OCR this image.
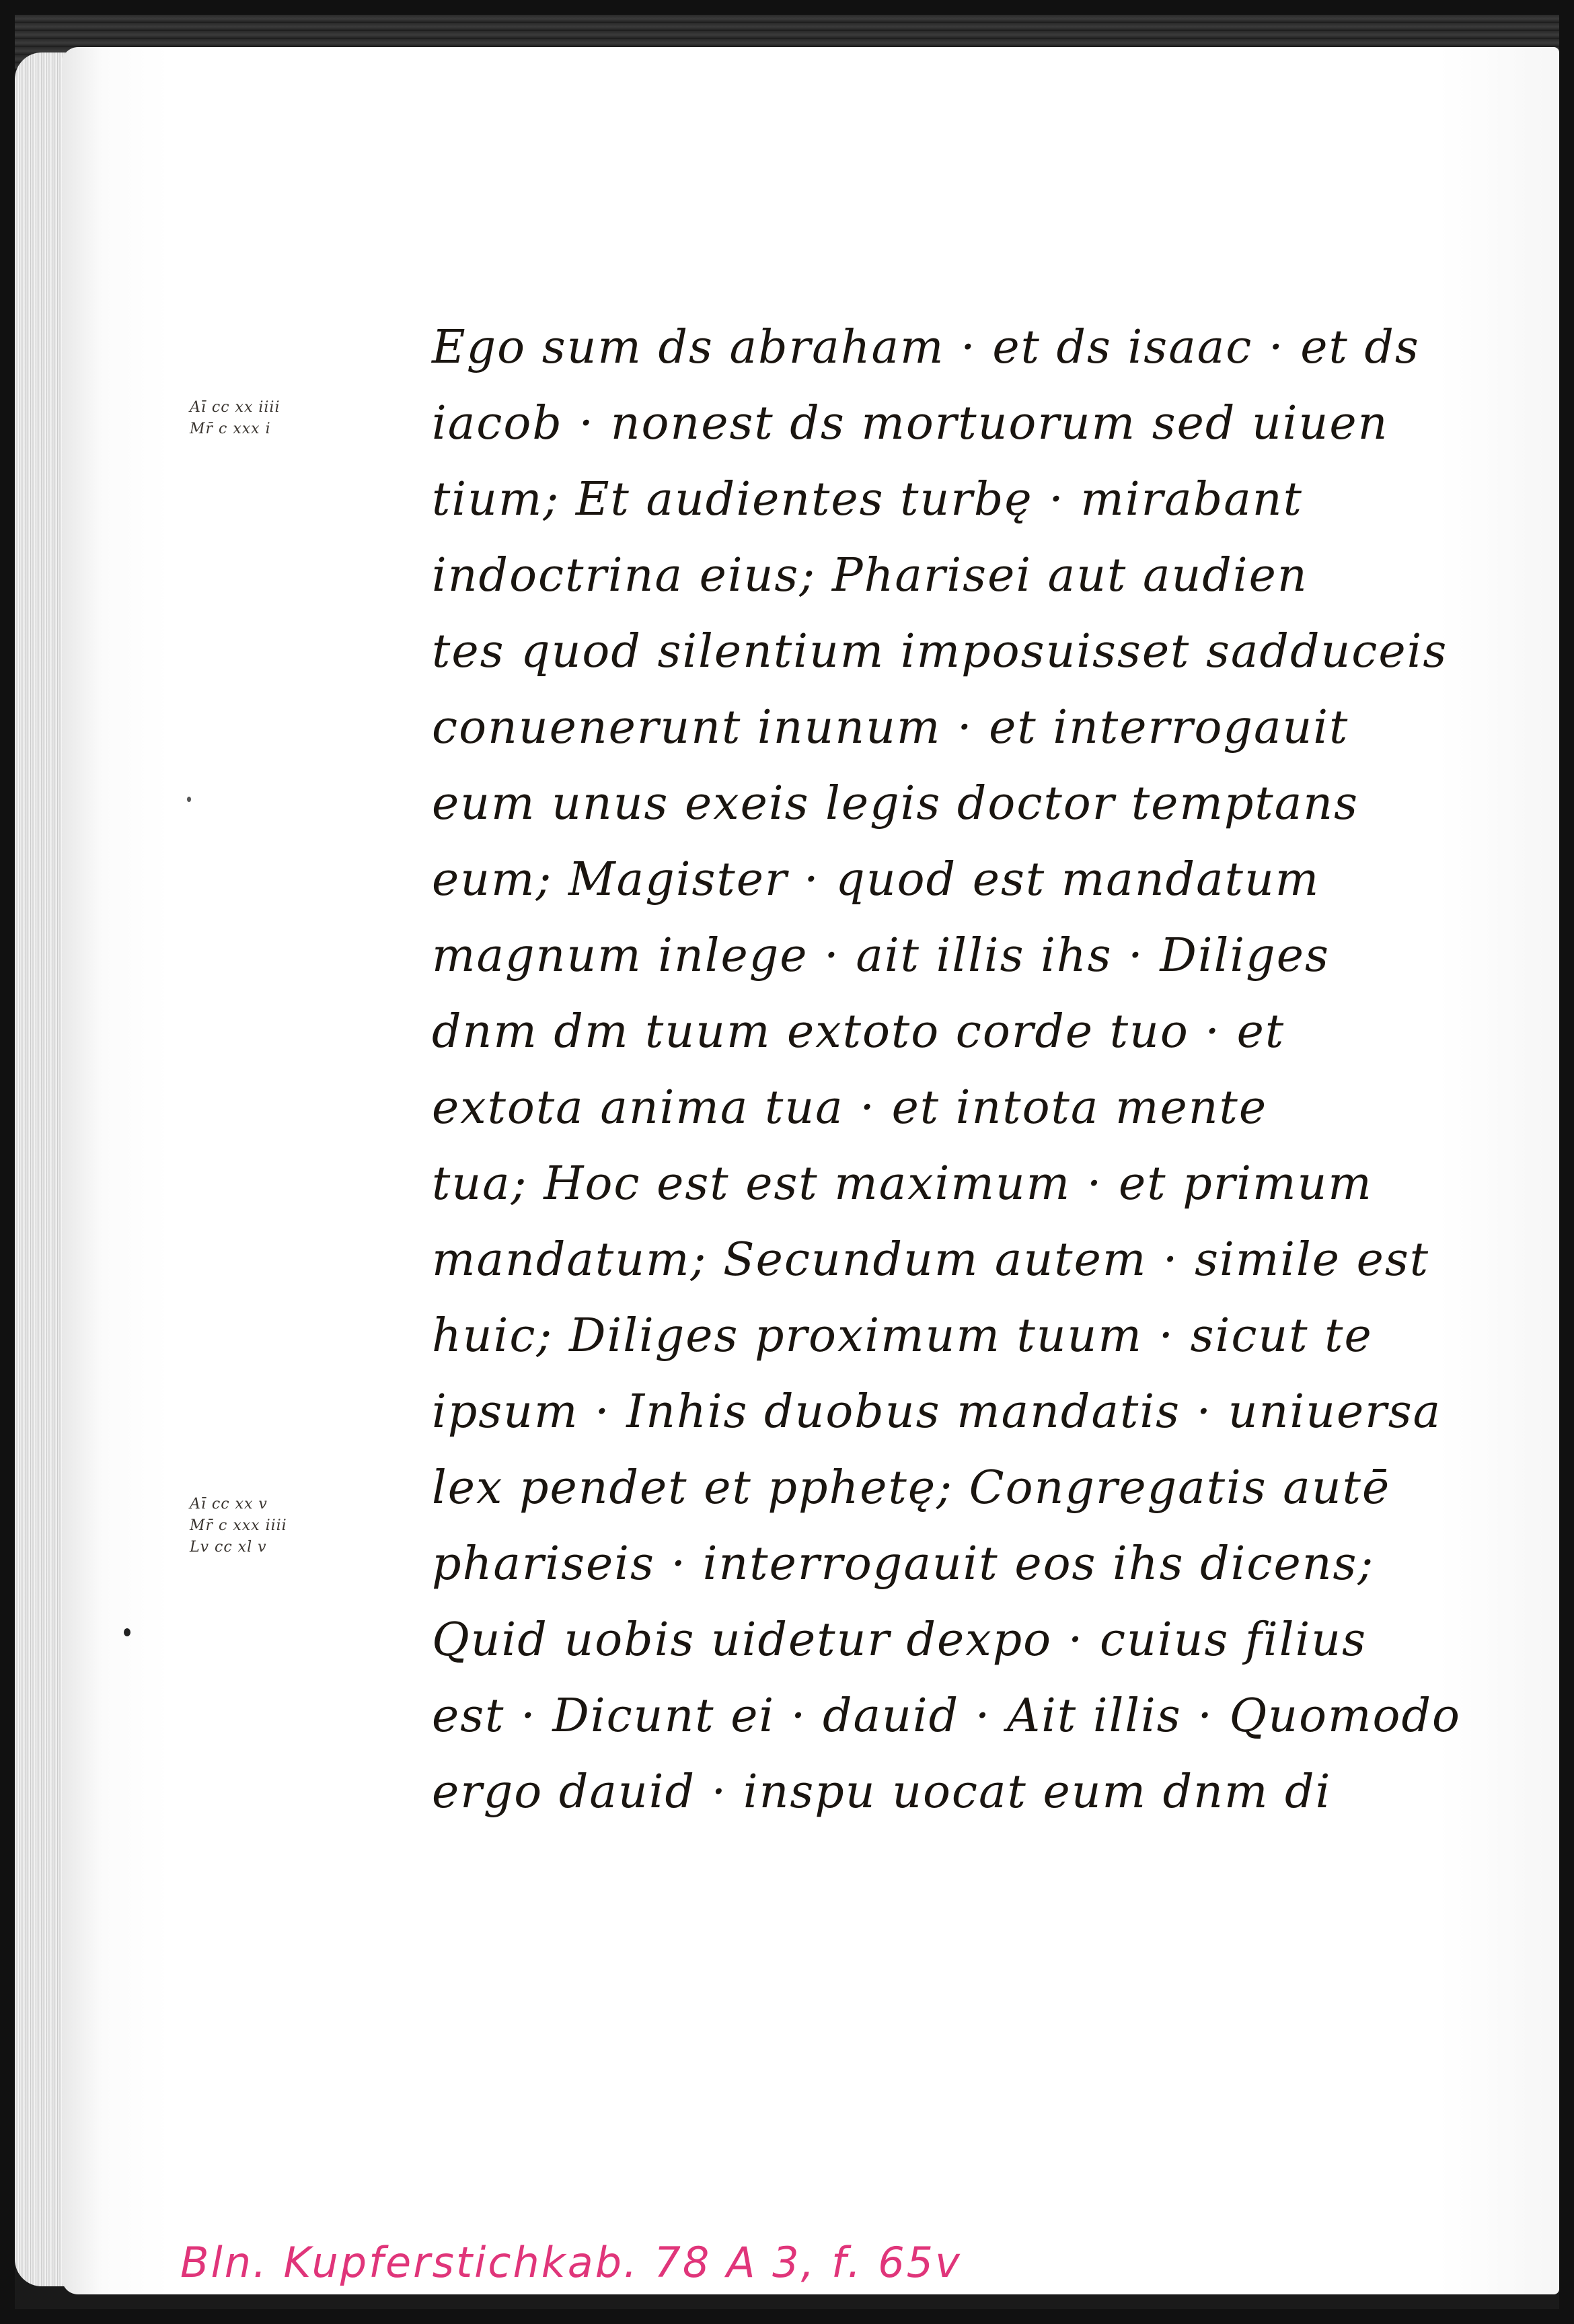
Aī cc xx iiii
Mr̄ c xxx i
Aī cc xx v
Mr̄ c xxx iiii
Lv cc xl v
Ego sum ds abraham · et ds isaac · et ds
iacob · nonest ds mortuorum sed uiuen
tium; Et audientes turbę · mirabant
indoctrina eius; Pharisei aut audien
tes quod silentium imposuisset sadduceis
conuenerunt inunum · et interrogauit
eum unus exeis legis doctor temptans
eum; Magister · quod est mandatum
magnum inlege · ait illis ihs · Diliges
dnm dm tuum extoto corde tuo · et
extota anima tua · et intota mente
tua; Hoc est est maximum · et primum
mandatum; Secundum autem · simile est
huic; Diliges proximum tuum · sicut te
ipsum · Inhis duobus mandatis · uniuersa
lex pendet et pphetę; Congregatis autē
phariseis · interrogauit eos ihs dicens;
Quid uobis uidetur dexpo · cuius filius
est · Dicunt ei · dauid · Ait illis · Quomodo
ergo dauid · inspu uocat eum dnm di
Bln. Kupferstichkab. 78 A 3, f. 65v
